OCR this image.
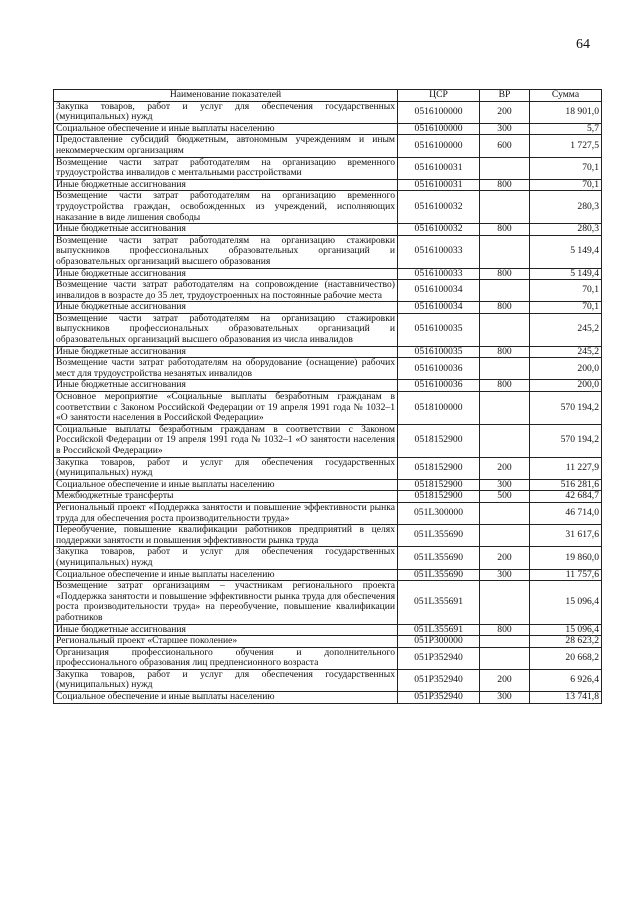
64
Наименование показателей	ЦСР	ВР	Сумма
Закупка товаров, работ и услуг для обеспечения государственных (муниципальных) нужд	0516100000	200	18 901,0
Социальное обеспечение и иные выплаты населению	0516100000	300	5,7
Предоставление субсидий бюджетным, автономным учреждениям и иным некоммерческим организациям	0516100000	600	1 727,5
Возмещение части затрат работодателям на организацию временного трудоустройства инвалидов с ментальными расстройствами	0516100031		70,1
Иные бюджетные ассигнования	0516100031	800	70,1
Возмещение части затрат работодателям на организацию временного трудоустройства граждан, освобожденных из учреждений, исполняющих наказание в виде лишения свободы	0516100032		280,3
Иные бюджетные ассигнования	0516100032	800	280,3
Возмещение части затрат работодателям на организацию стажировки выпускников профессиональных образовательных организаций и образовательных организаций высшего образования	0516100033		5 149,4
Иные бюджетные ассигнования	0516100033	800	5 149,4
Возмещение части затрат работодателям на сопровождение (наставничество) инвалидов в возрасте до 35 лет, трудоустроенных на постоянные рабочие места	0516100034		70,1
Иные бюджетные ассигнования	0516100034	800	70,1
Возмещение части затрат работодателям на организацию стажировки выпускников профессиональных образовательных организаций и образовательных организаций высшего образования из числа инвалидов	0516100035		245,2
Иные бюджетные ассигнования	0516100035	800	245,2
Возмещение части затрат работодателям на оборудование (оснащение) рабочих мест для трудоустройства незанятых инвалидов	0516100036		200,0
Иные бюджетные ассигнования	0516100036	800	200,0
Основное мероприятие «Социальные выплаты безработным гражданам в соответствии с Законом Российской Федерации от 19 апреля 1991 года № 1032–1 «О занятости населения в Российской Федерации»	0518100000		570 194,2
Социальные выплаты безработным гражданам в соответствии с Законом Российской Федерации от 19 апреля 1991 года № 1032–1 «О занятости населения в Российской Федерации»	0518152900		570 194,2
Закупка товаров, работ и услуг для обеспечения государственных (муниципальных) нужд	0518152900	200	11 227,9
Социальное обеспечение и иные выплаты населению	0518152900	300	516 281,6
Межбюджетные трансферты	0518152900	500	42 684,7
Региональный проект «Поддержка занятости и повышение эффективности рынка труда для обеспечения роста производительности труда»	051L300000		46 714,0
Переобучение, повышение квалификации работников предприятий в целях поддержки занятости и повышения эффективности рынка труда	051L355690		31 617,6
Закупка товаров, работ и услуг для обеспечения государственных (муниципальных) нужд	051L355690	200	19 860,0
Социальное обеспечение и иные выплаты населению	051L355690	300	11 757,6
Возмещение затрат организациям – участникам регионального проекта «Поддержка занятости и повышение эффективности рынка труда для обеспечения роста производительности труда» на переобучение, повышение квалификации работников	051L355691		15 096,4
Иные бюджетные ассигнования	051L355691	800	15 096,4
Региональный проект «Старшее поколение»	051P300000		28 623,2
Организация профессионального обучения и дополнительного профессионального образования лиц предпенсионного возраста	051P352940		20 668,2
Закупка товаров, работ и услуг для обеспечения государственных (муниципальных) нужд	051P352940	200	6 926,4
Социальное обеспечение и иные выплаты населению	051P352940	300	13 741,8
